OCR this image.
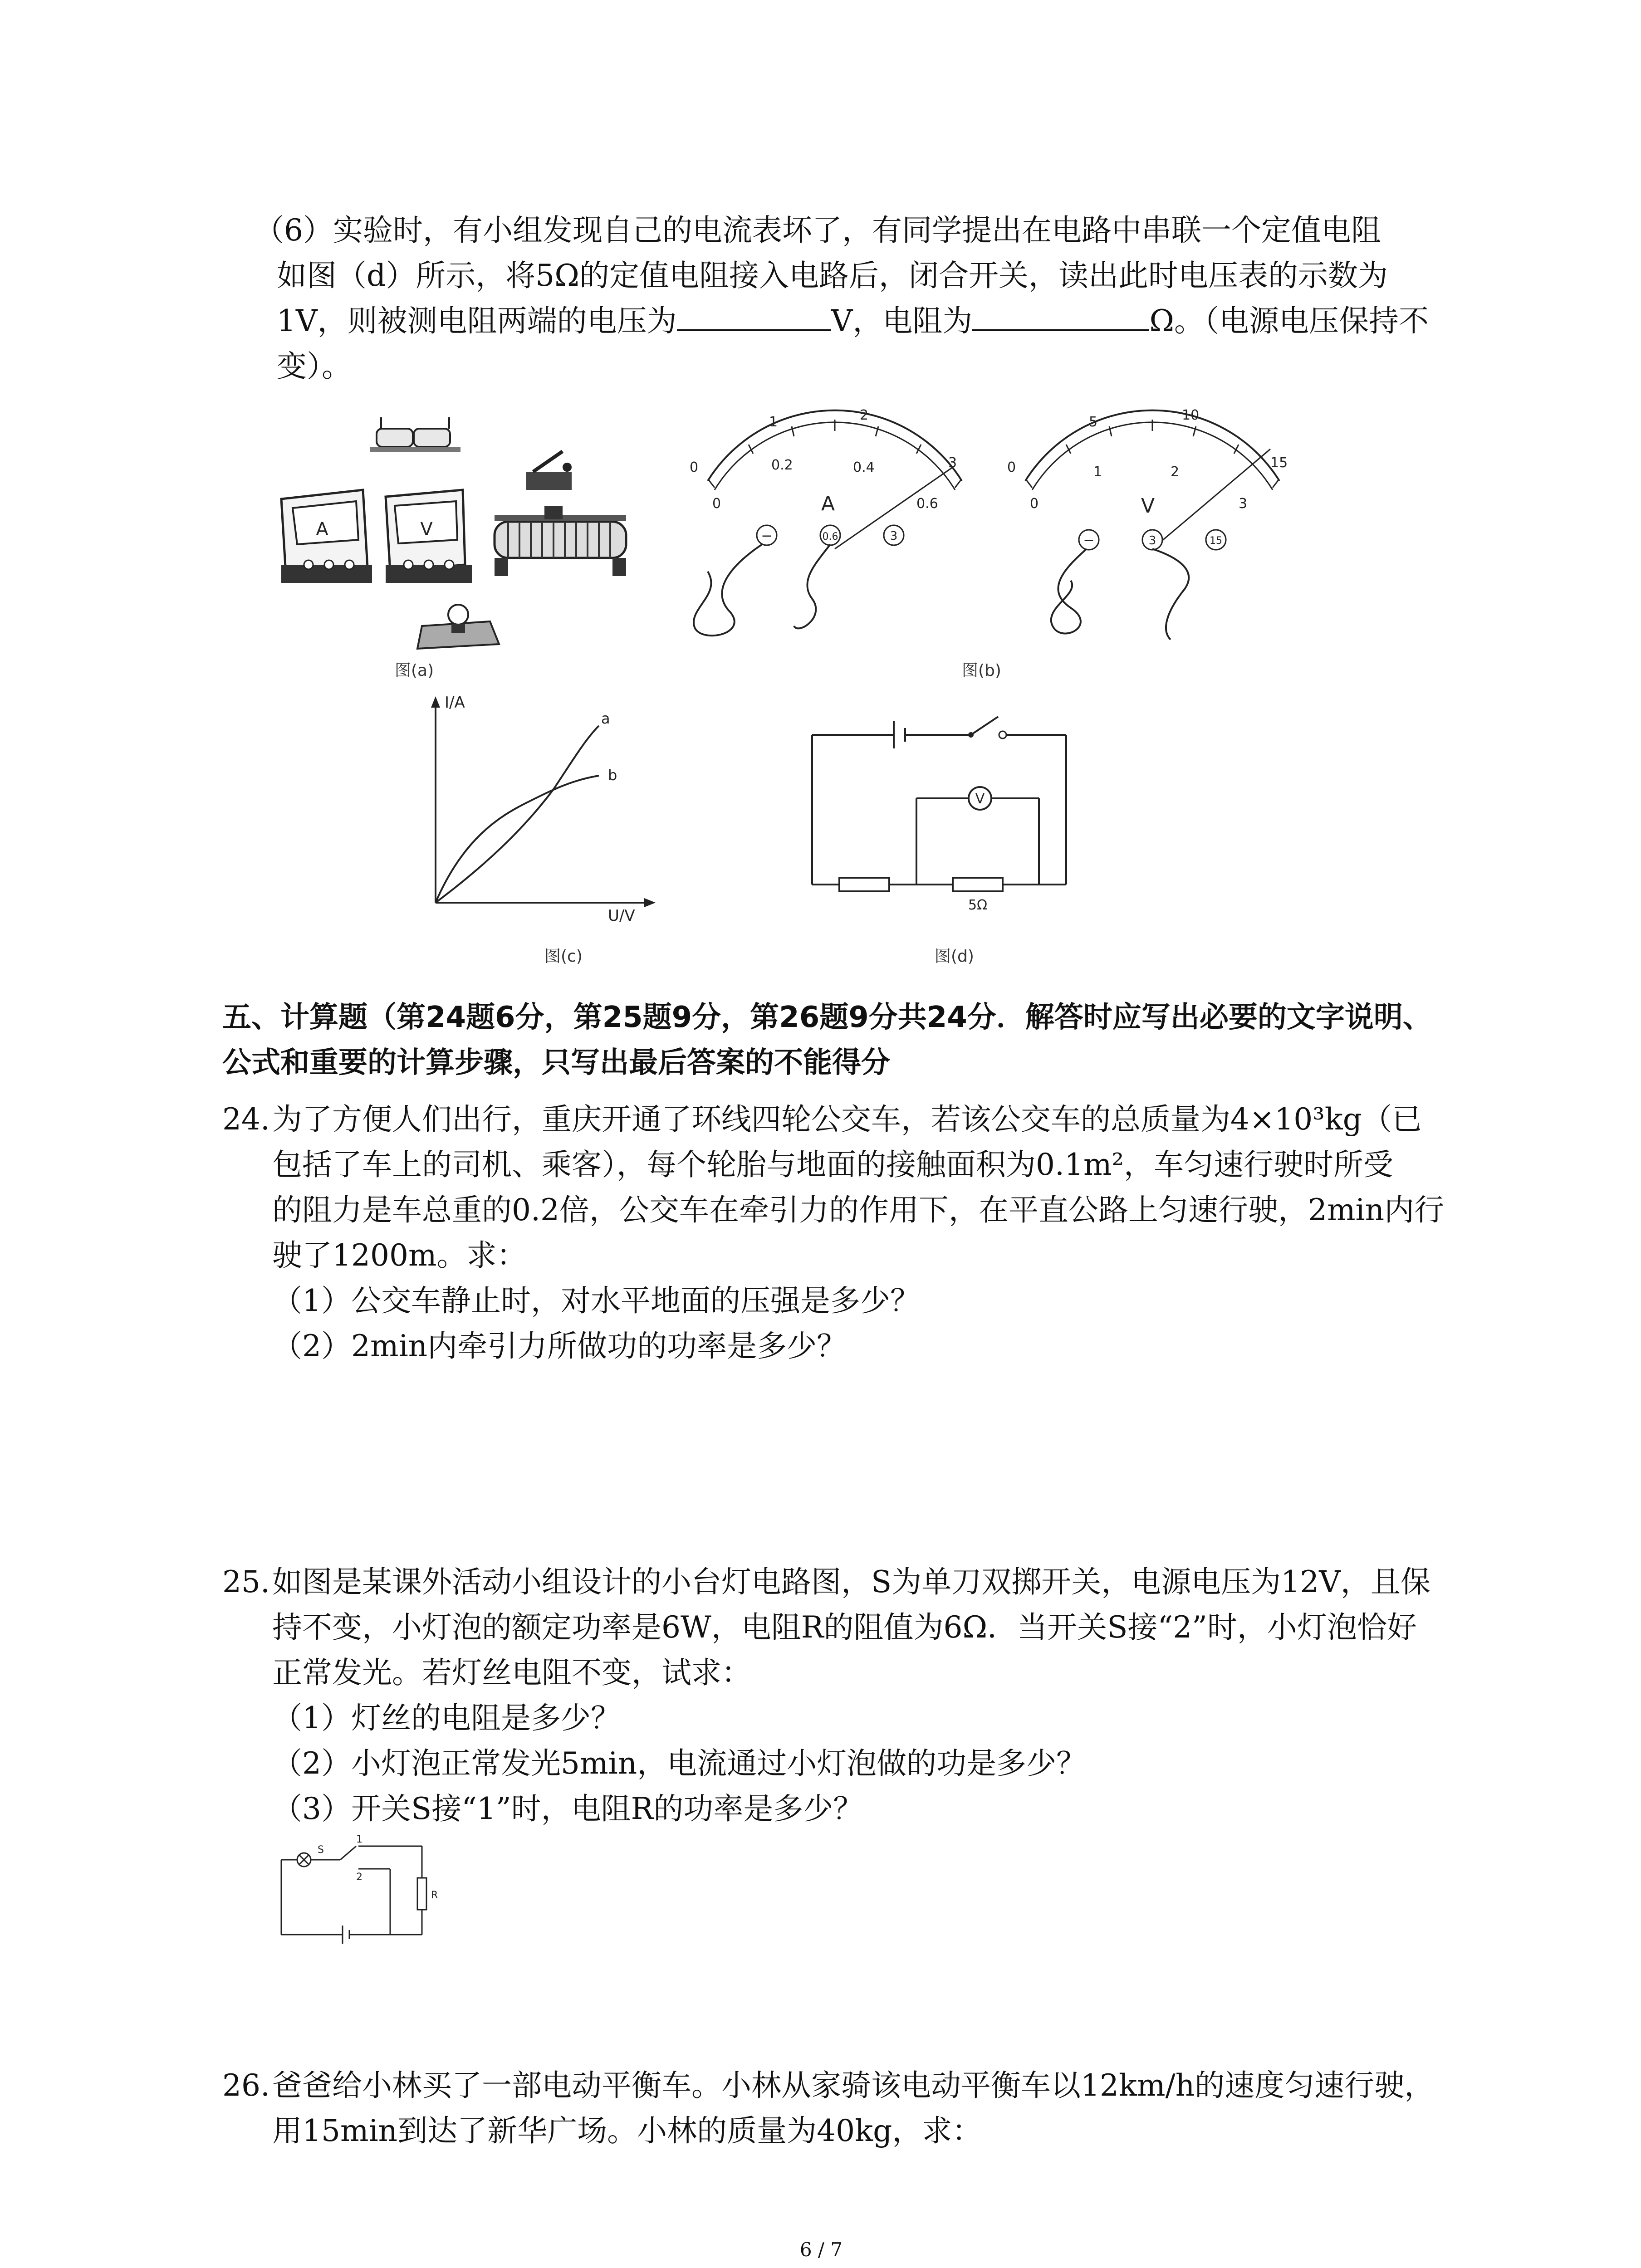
（6）实验时，有小组发现自己的电流表坏了，有同学提出在电路中串联一个定值电阻
如图（d）所示，将5Ω的定值电阻接入电路后，闭合开关，读出此时电压表的示数为
1V，则被测电阻两端的电压为	V，电阻为	Ω。（电源电压保持不
变）。
A	V
图(a)
0
1	2
3
0
0.2	0.4
0.6
A
−	0.6	3
0
5	10
15
0
1	2
3
V
−	3	15
图(b)
I/A
U/V
a
b
图(c)
V
5Ω
图(d)
五、计算题（第24题6分，第25题9分，第26题9分共24分．解答时应写出必要的文字说明、
公式和重要的计算步骤，只写出最后答案的不能得分
24.为了方便人们出行，重庆开通了环线四轮公交车，若该公交车的总质量为4×10³kg（已
包括了车上的司机、乘客），每个轮胎与地面的接触面积为0.1m²，车匀速行驶时所受
的阻力是车总重的0.2倍，公交车在牵引力的作用下，在平直公路上匀速行驶，2min内行
驶了1200m。求：
（1）公交车静止时，对水平地面的压强是多少？
（2）2min内牵引力所做功的功率是多少？
25.如图是某课外活动小组设计的小台灯电路图，S为单刀双掷开关，电源电压为12V，且保
持不变，小灯泡的额定功率是6W，电阻R的阻值为6Ω．当开关S接“2”时，小灯泡恰好
正常发光。若灯丝电阻不变，试求：
（1）灯丝的电阻是多少？
（2）小灯泡正常发光5min，电流通过小灯泡做的功是多少？
（3）开关S接“1”时，电阻R的功率是多少？
S
1
2
R
26.爸爸给小林买了一部电动平衡车。小林从家骑该电动平衡车以12km/h的速度匀速行驶，
用15min到达了新华广场。小林的质量为40kg，求：
6 / 7
